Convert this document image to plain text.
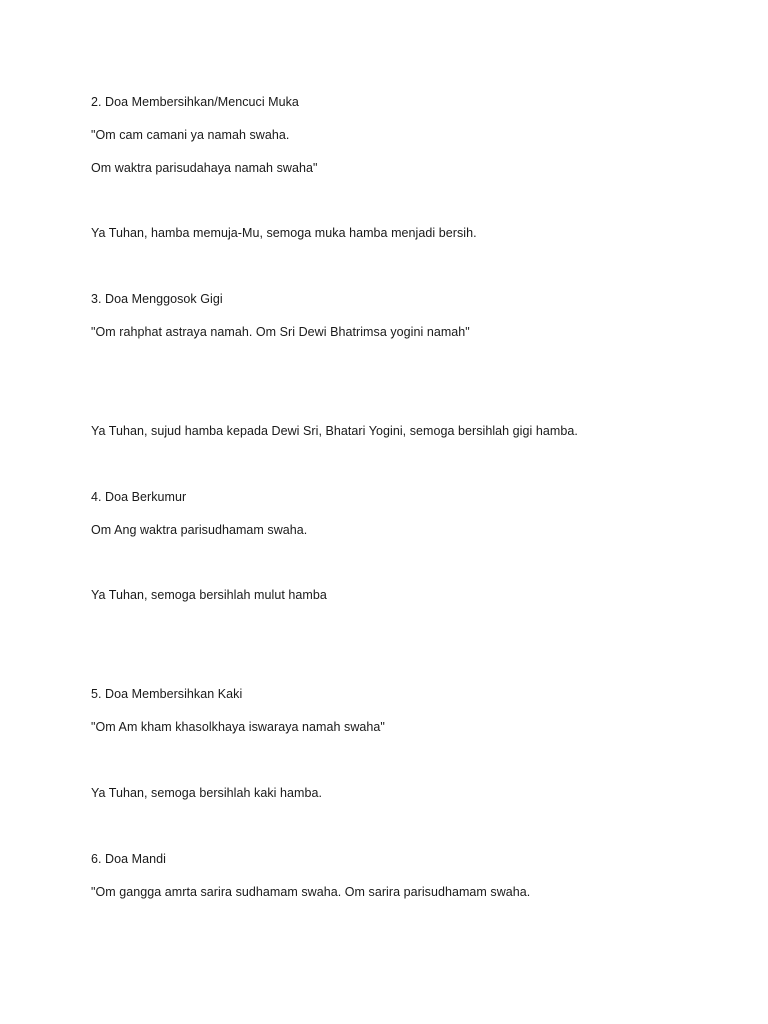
2. Doa Membersihkan/Mencuci Muka
"Om cam camani ya namah swaha.
Om waktra parisudahaya namah swaha"
Ya Tuhan, hamba memuja-Mu, semoga muka hamba menjadi bersih.
3. Doa Menggosok Gigi
"Om rahphat astraya namah. Om Sri Dewi Bhatrimsa yogini namah"
Ya Tuhan, sujud hamba kepada Dewi Sri, Bhatari Yogini, semoga bersihlah gigi hamba.
4. Doa Berkumur
Om Ang waktra parisudhamam swaha.
Ya Tuhan, semoga bersihlah mulut hamba
5. Doa Membersihkan Kaki
"Om Am kham khasolkhaya iswaraya namah swaha"
Ya Tuhan, semoga bersihlah kaki hamba.
6. Doa Mandi
"Om gangga amrta sarira sudhamam swaha. Om sarira parisudhamam swaha.
